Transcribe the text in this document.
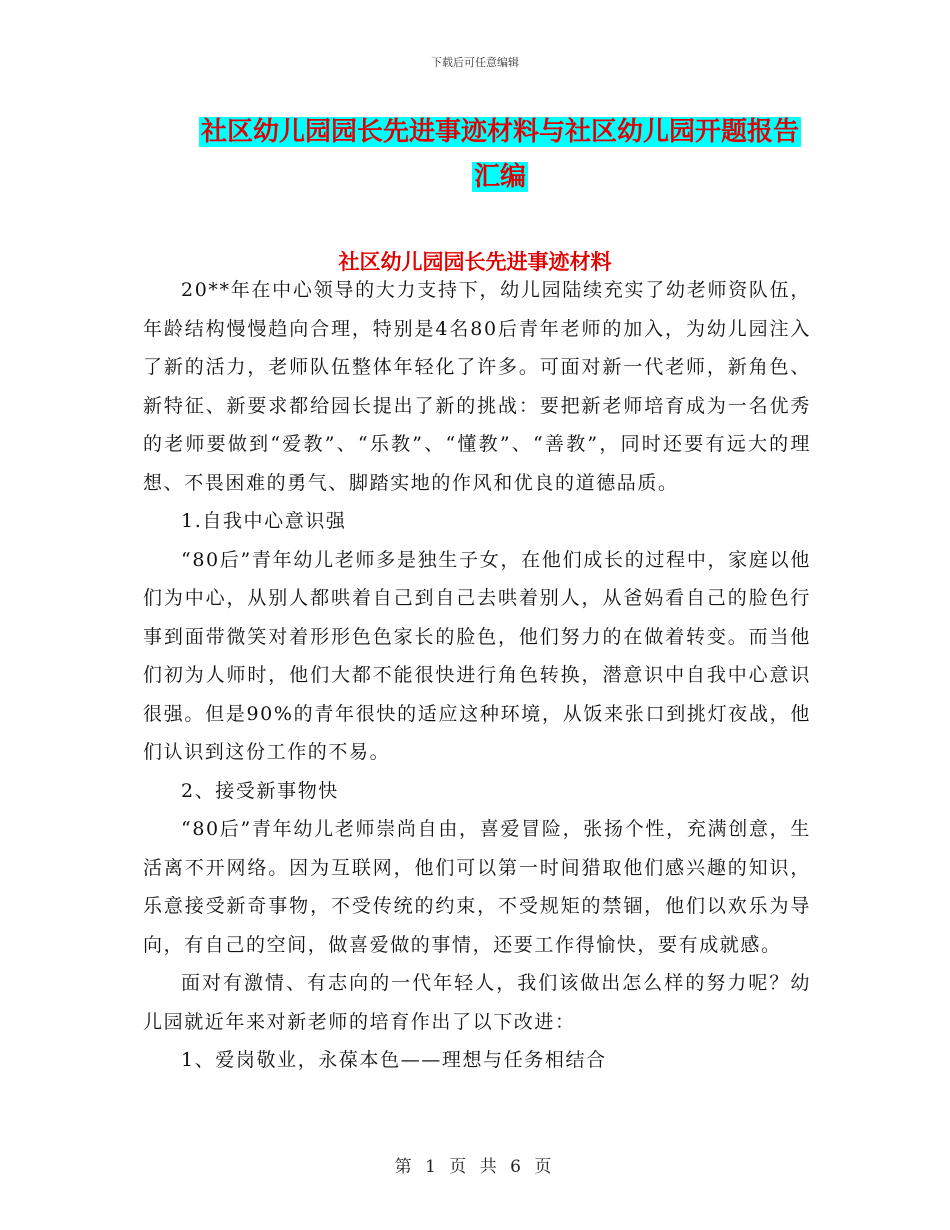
下载后可任意编辑
社区幼儿园园长先进事迹材料与社区幼儿园开题报告
汇编
社区幼儿园园长先进事迹材料

20**年在中心领导的大力支持下，幼儿园陆续充实了幼老师资队伍，年龄结构慢慢趋向合理，特别是4名80后青年老师的加入，为幼儿园注入了新的活力，老师队伍整体年轻化了许多。可面对新一代老师，新角色、新特征、新要求都给园长提出了新的挑战：要把新老师培育成为一名优秀的老师要做到“爱教”、“乐教”、“懂教”、“善教”，同时还要有远大的理想、不畏困难的勇气、脚踏实地的作风和优良的道德品质。

1.自我中心意识强

“80后”青年幼儿老师多是独生子女，在他们成长的过程中，家庭以他们为中心，从别人都哄着自己到自己去哄着别人，从爸妈看自己的脸色行事到面带微笑对着形形色色家长的脸色，他们努力的在做着转变。而当他们初为人师时，他们大都不能很快进行角色转换，潜意识中自我中心意识很强。但是90%的青年很快的适应这种环境，从饭来张口到挑灯夜战，他们认识到这份工作的不易。

2、接受新事物快

“80后”青年幼儿老师崇尚自由，喜爱冒险，张扬个性，充满创意，生活离不开网络。因为互联网，他们可以第一时间猎取他们感兴趣的知识，乐意接受新奇事物，不受传统的约束，不受规矩的禁锢，他们以欢乐为导向，有自己的空间，做喜爱做的事情，还要工作得愉快，要有成就感。

面对有激情、有志向的一代年轻人，我们该做出怎么样的努力呢？幼儿园就近年来对新老师的培育作出了以下改进：

1、爱岗敬业，永葆本色——理想与任务相结合

第 1 页 共 6 页
